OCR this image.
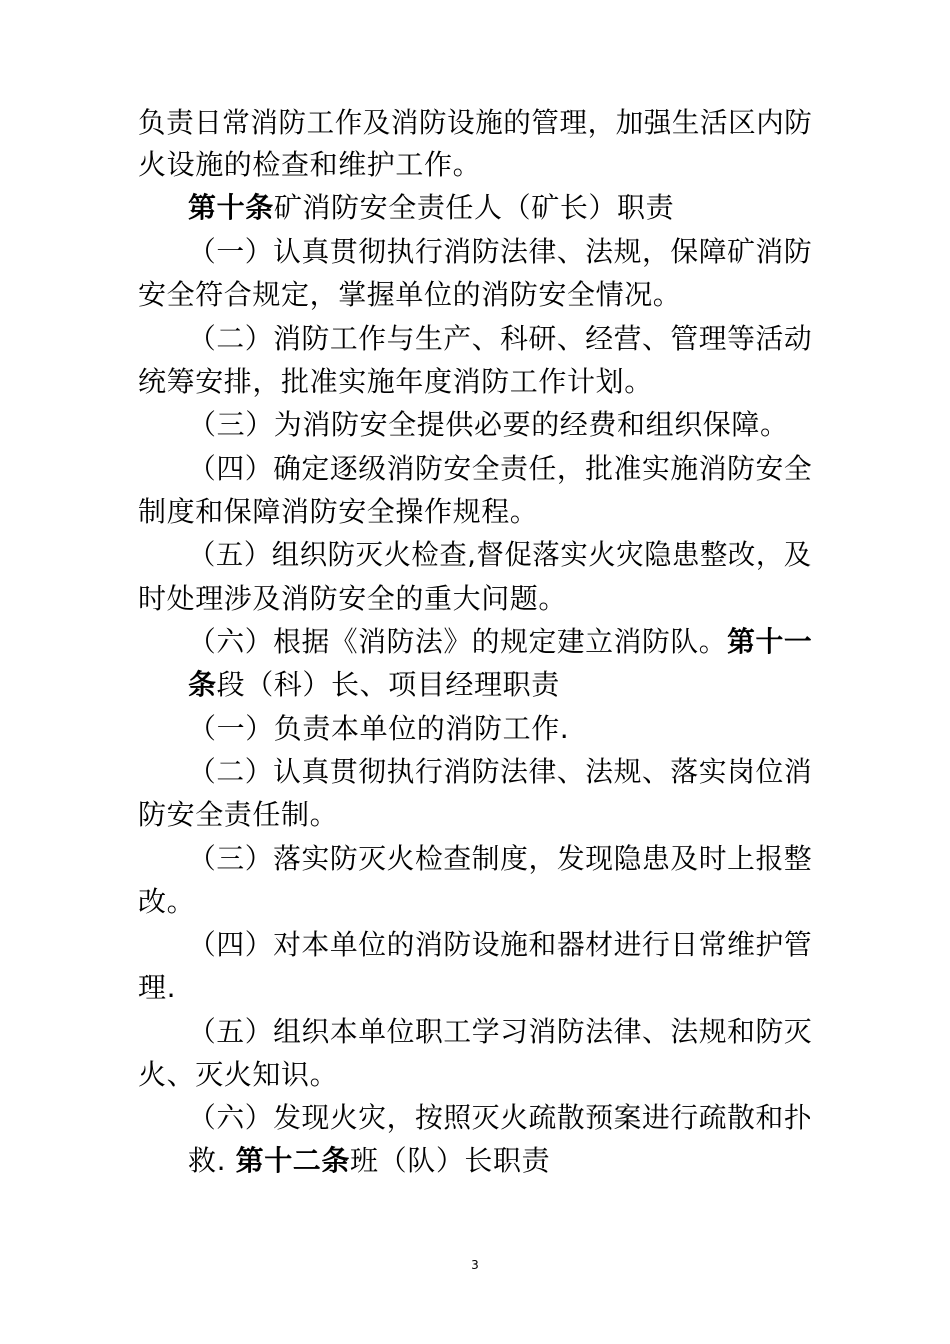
负责日常消防工作及消防设施的管理，加强生活区内防
火设施的检查和维护工作。
第十条矿消防安全责任人（矿长）职责
（一）认真贯彻执行消防法律、法规，保障矿消防
安全符合规定，掌握单位的消防安全情况。
（二）消防工作与生产、科研、经营、管理等活动
统筹安排，批准实施年度消防工作计划。
（三）为消防安全提供必要的经费和组织保障。
（四）确定逐级消防安全责任，批准实施消防安全
制度和保障消防安全操作规程。
（五）组织防灭火检查,督促落实火灾隐患整改，及
时处理涉及消防安全的重大问题。
（六）根据《消防法》的规定建立消防队。第十一
条段（科）长、项目经理职责
（一）负责本单位的消防工作.
（二）认真贯彻执行消防法律、法规、落实岗位消
防安全责任制。
（三）落实防灭火检查制度，发现隐患及时上报整
改。
（四）对本单位的消防设施和器材进行日常维护管
理.
（五）组织本单位职工学习消防法律、法规和防灭
火、灭火知识。
（六）发现火灾，按照灭火疏散预案进行疏散和扑
救. 第十二条班（队）长职责
3
